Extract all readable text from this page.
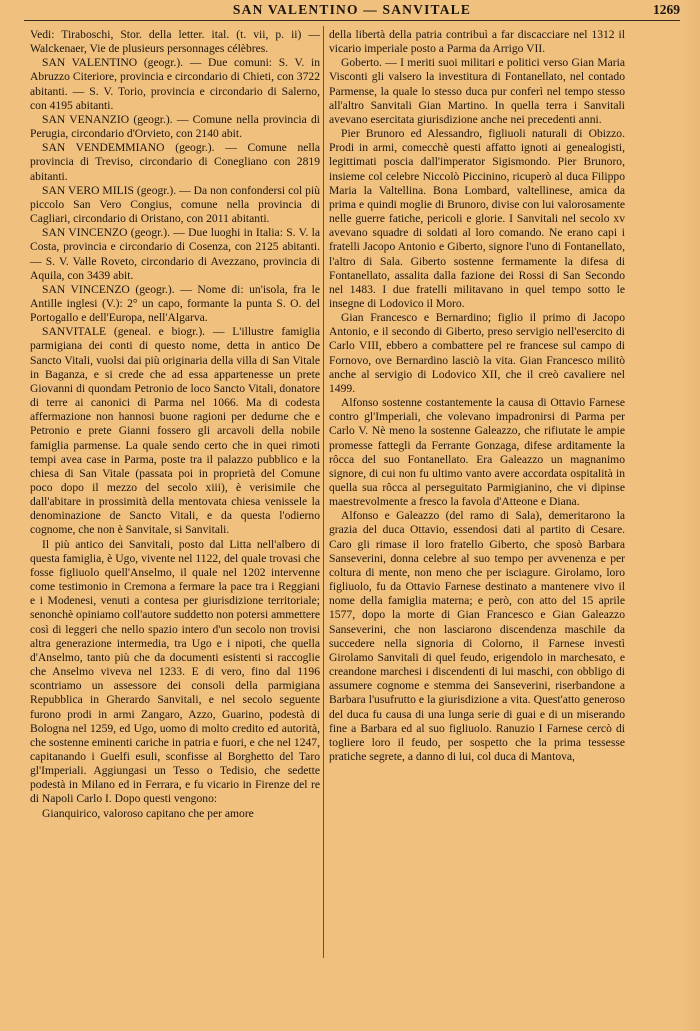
SAN VALENTINO — SANVITALE	1269

Vedi: Tiraboschi, Stor. della letter. ital. (t. vii, p. ii) — Walckenaer, Vie de plusieurs personnages célèbres.

SAN VALENTINO (geogr.). — Due comuni: S. V. in Abruzzo Citeriore, provincia e circondario di Chieti, con 3722 abitanti. — S. V. Torio, provincia e circondario di Salerno, con 4195 abitanti.

SAN VENANZIO (geogr.). — Comune nella provincia di Perugia, circondario d'Orvieto, con 2140 abit.

SAN VENDEMMIANO (geogr.). — Comune nella provincia di Treviso, circondario di Conegliano con 2819 abitanti.

SAN VERO MILIS (geogr.). — Da non confondersi col più piccolo San Vero Congius, comune nella provincia di Cagliari, circondario di Oristano, con 2011 abitanti.

SAN VINCENZO (geogr.). — Due luoghi in Italia: S. V. la Costa, provincia e circondario di Cosenza, con 2125 abitanti. — S. V. Valle Roveto, circondario di Avezzano, provincia di Aquila, con 3439 abit.

SAN VINCENZO (geogr.). — Nome di: un'isola, fra le Antille inglesi (V.): 2° un capo, formante la punta S. O. del Portogallo e dell'Europa, nell'Algarva.

SANVITALE (geneal. e biogr.). — L'illustre famiglia parmigiana dei conti di questo nome, detta in antico De Sancto Vitali, vuolsi dai più originaria della villa di San Vitale in Baganza, e si crede che ad essa appartenesse un prete Giovanni di quondam Petronio de loco Sancto Vitali, donatore di terre ai canonici di Parma nel 1066. Ma di codesta affermazione non hannosi buone ragioni per dedurne che e Petronio e prete Gianni fossero gli arcavoli della nobile famiglia parmense. La quale sendo certo che in quei rimoti tempi avea case in Parma, poste tra il palazzo pubblico e la chiesa di San Vitale (passata poi in proprietà del Comune poco dopo il mezzo del secolo xiii), è verisimile che dall'abitare in prossimità della mentovata chiesa venissele la denominazione de Sancto Vitali, e da questa l'odierno cognome, che non è Sanvitale, si Sanvitali.

Il più antico dei Sanvitali, posto dal Litta nell'albero di questa famiglia, è Ugo, vivente nel 1122, del quale trovasi che fosse figliuolo quell'Anselmo, il quale nel 1202 intervenne come testimonio in Cremona a fermare la pace tra i Reggiani e i Modenesi, venuti a contesa per giurisdizione territoriale; senonchè opiniamo coll'autore suddetto non potersi ammettere così di leggeri che nello spazio intero d'un secolo non trovisi altra generazione intermedia, tra Ugo e i nipoti, che quella d'Anselmo, tanto più che da documenti esistenti si raccoglie che Anselmo viveva nel 1233. E di vero, fino dal 1196 scontriamo un assessore dei consoli della parmigiana Repubblica in Gherardo Sanvitali, e nel secolo seguente furono prodi in armi Zangaro, Azzo, Guarino, podestà di Bologna nel 1259, ed Ugo, uomo di molto credito ed autorità, che sostenne eminenti cariche in patria e fuori, e che nel 1247, capitanando i Guelfi esuli, sconfisse al Borghetto del Taro gl'Imperiali. Aggiungasi un Tesso o Tedisio, che sedette podestà in Milano ed in Ferrara, e fu vicario in Firenze del re di Napoli Carlo I. Dopo questi vengono:

Gianquirico, valoroso capitano che per amore

della libertà della patria contribuì a far discacciare nel 1312 il vicario imperiale posto a Parma da Arrigo VII.

Goberto. — I meriti suoi militari e politici verso Gian Maria Visconti gli valsero la investitura di Fontanellato, nel contado Parmense, la quale lo stesso duca pur conferì nel tempo stesso all'altro Sanvitali Gian Martino. In quella terra i Sanvitali avevano esercitata giurisdizione anche nei precedenti anni.

Pier Brunoro ed Alessandro, figliuoli naturali di Obizzo. Prodi in armi, comecchè questi affatto ignoti ai genealogisti, legittimati poscia dall'imperator Sigismondo. Pier Brunoro, insieme col celebre Niccolò Piccinino, ricuperò al duca Filippo Maria la Valtellina. Bona Lombard, valtellinese, amica da prima e quindi moglie di Brunoro, divise con lui valorosamente nelle guerre fatiche, pericoli e glorie. I Sanvitali nel secolo xv avevano squadre di soldati al loro comando. Ne erano capi i fratelli Jacopo Antonio e Giberto, signore l'uno di Fontanellato, l'altro di Sala. Giberto sostenne fermamente la difesa di Fontanellato, assalita dalla fazione dei Rossi di San Secondo nel 1483. I due fratelli militavano in quel tempo sotto le insegne di Lodovico il Moro.

Gian Francesco e Bernardino; figlio il primo di Jacopo Antonio, e il secondo di Giberto, preso servigio nell'esercito di Carlo VIII, ebbero a combattere pel re francese sul campo di Fornovo, ove Bernardino lasciò la vita. Gian Francesco militò anche al servigio di Lodovico XII, che il creò cavaliere nel 1499.

Alfonso sostenne costantemente la causa di Ottavio Farnese contro gl'Imperiali, che volevano impadronirsi di Parma per Carlo V. Nè meno la sostenne Galeazzo, che rifiutate le ampie promesse fattegli da Ferrante Gonzaga, difese arditamente la rôcca del suo Fontanellato. Era Galeazzo un magnanimo signore, di cui non fu ultimo vanto avere accordata ospitalità in quella sua rôcca al perseguitato Parmigianino, che vi dipinse maestrevolmente a fresco la favola d'Atteone e Diana.

Alfonso e Galeazzo (del ramo di Sala), demeritarono la grazia del duca Ottavio, essendosi dati al partito di Cesare. Caro gli rimase il loro fratello Giberto, che sposò Barbara Sanseverini, donna celebre al suo tempo per avvenenza e per coltura di mente, non meno che per isciagure. Girolamo, loro figliuolo, fu da Ottavio Farnese destinato a mantenere vivo il nome della famiglia materna; e però, con atto del 15 aprile 1577, dopo la morte di Gian Francesco e Gian Galeazzo Sanseverini, che non lasciarono discendenza maschile da succedere nella signoria di Colorno, il Farnese investì Girolamo Sanvitali di quel feudo, erigendolo in marchesato, e creandone marchesi i discendenti di lui maschi, con obbligo di assumere cognome e stemma dei Sanseverini, riserbandone a Barbara l'usufrutto e la giurisdizione a vita. Quest'atto generoso del duca fu causa di una lunga serie di guai e di un miserando fine a Barbara ed al suo figliuolo. Ranuzio I Farnese cercò di togliere loro il feudo, per sospetto che la prima tessesse pratiche segrete, a danno di lui, col duca di Mantova,
